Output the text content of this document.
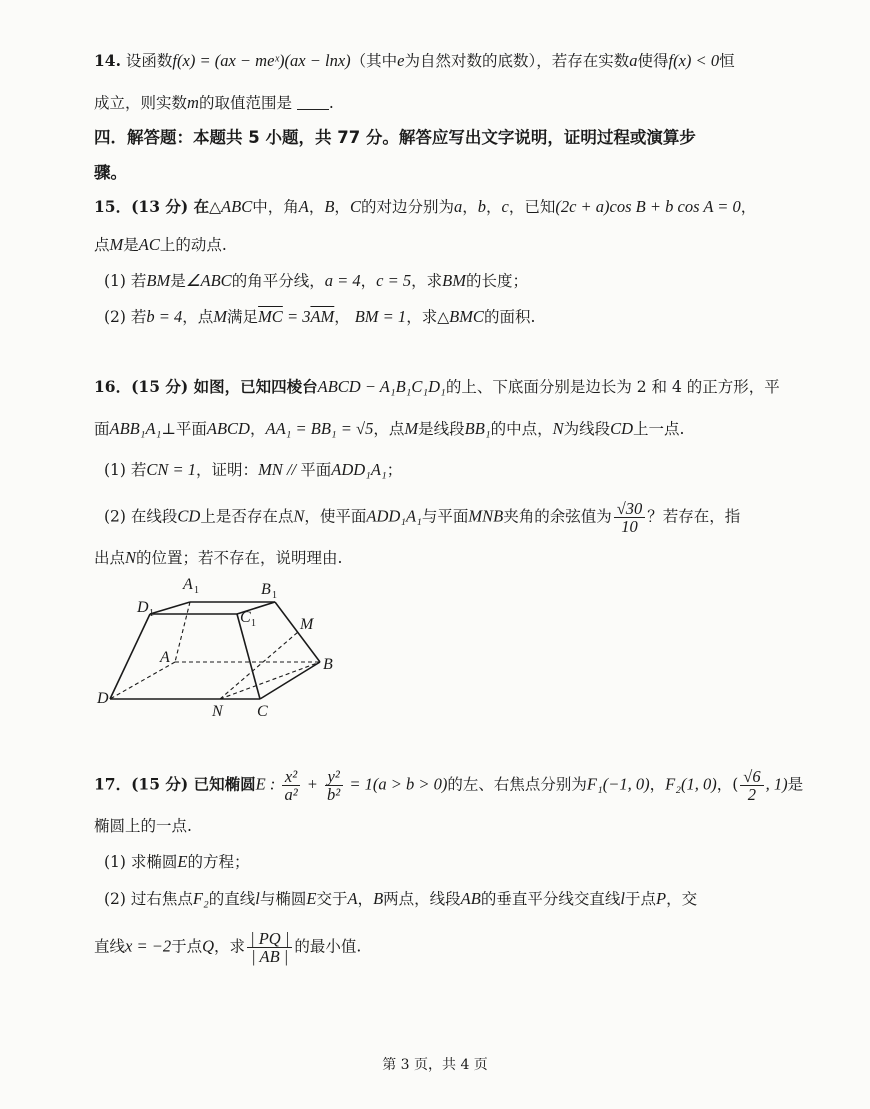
14. 设函数f(x) = (ax − meˣ)(ax − lnx)（其中e为自然对数的底数），若存在实数a使得f(x) < 0恒
成立，则实数m的取值范围是 .
四．解答题：本题共 5 小题，共 77 分。解答应写出文字说明，证明过程或演算步
骤。
15．(13 分) 在△ABC中，角A，B，C的对边分别为a，b，c，已知(2c + a)cos B + b cos A = 0，
点M是AC上的动点.
(1) 若BM是∠ABC的角平分线，a = 4，c = 5，求BM的长度；
(2) 若b = 4，点M满足$\overline{MC} = 3\overline{AM}$， BM = 1，求△BMC的面积.
16．(15 分) 如图，已知四棱台ABCD − A₁B₁C₁D₁的上、下底面分别是边长为 2 和 4 的正方形，平
面ABB₁A₁⊥平面ABCD，AA₁ = BB₁ = √5，点M是线段BB₁的中点，N为线段CD上一点.
(1) 若CN = 1，证明：MN // 平面ADD₁A₁；
(2) 在线段CD上是否存在点N，使平面ADD₁A₁与平面MNB夹角的余弦值为 $\frac{√30}{10}$ ？若存在，指
出点N的位置；若不存在，说明理由.
A 1	B 1
D 1	C 1	M
A	B
D
N C
17．(15 分) 已知椭圆E : $\frac{\text{x²}}{\text{a²}} + \frac{\text{y²}}{\text{b²}} = 1(a > b > 0)$的左、右焦点分别为F₁(−1, 0)，F₂(1, 0)，( $\frac{√6}{2}$ , 1)是
椭圆上的一点.
(1) 求椭圆E的方程；
(2) 过右焦点F₂的直线l与椭圆E交于A，B两点，线段AB的垂直平分线交直线l于点P，交
直线x = −2于点Q，求 $\frac{| PQ |}{| AB |}$ 的最小值.
第 3 页，共 4 页
